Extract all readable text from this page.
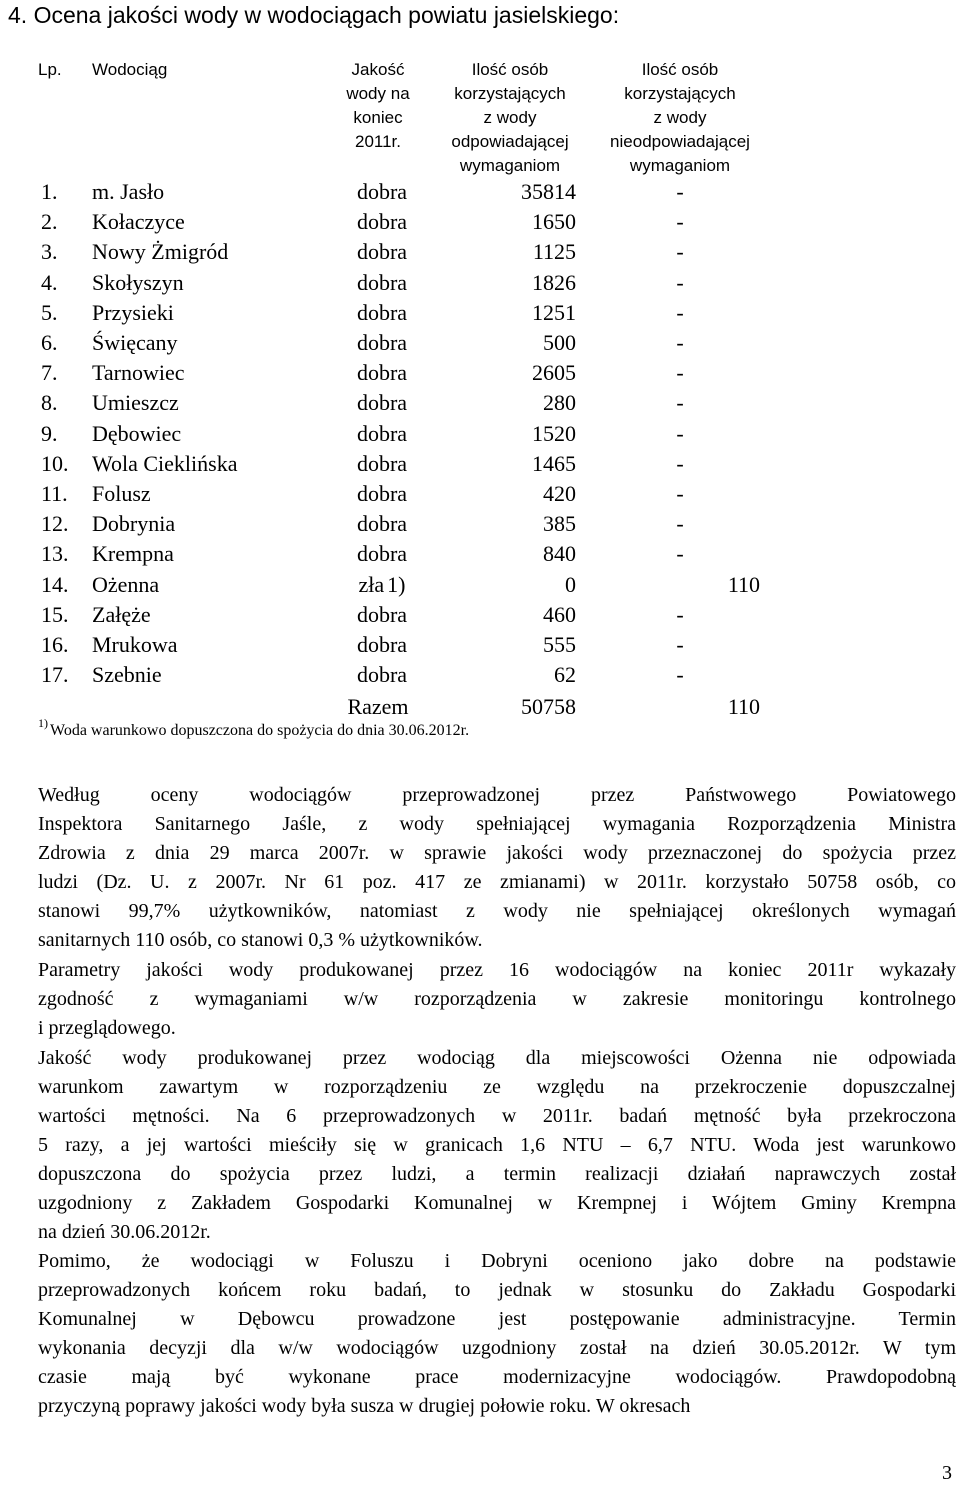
4. Ocena jakości wody w wodociągach powiatu jasielskiego:
Lp.	Wodociąg	Jakość
wody na
koniec
2011r.
Ilość osób
korzystających
z wody
odpowiadającej
wymaganiom
Ilość osób
korzystających
z wody
nieodpowiadającej
wymaganiom
1. m. Jasło	dobra	35814	-
2. Kołaczyce	dobra	1650	-
3. Nowy Żmigród	dobra	1125	-
4. Skołyszyn	dobra	1826	-
5. Przysieki	dobra	1251	-
6. Święcany	dobra	500	-
7. Tarnowiec	dobra	2605	-
8. Umieszcz	dobra	280	-
9. Dębowiec	dobra	1520	-
10. Wola Cieklińska	dobra	1465	-
11. Folusz	dobra	420	-
12. Dobrynia	dobra	385	-
13. Krempna	dobra	840	-
14. Ożenna	zła 1)	0	110
15. Załęże	dobra	460	-
16. Mrukowa	dobra	555	-
17. Szebnie	dobra	62	-
Razem	50758	110
$^{1)}$ Woda warunkowo dopuszczona do spożycia do dnia 30.06.2012r.
Według oceny wodociągów przeprowadzonej przez Państwowego Powiatowego
Inspektora Sanitarnego Jaśle, z wody spełniającej wymagania Rozporządzenia Ministra
Zdrowia z dnia 29 marca 2007r. w sprawie jakości wody przeznaczonej do spożycia przez
ludzi (Dz. U. z 2007r. Nr 61 poz. 417 ze zmianami) w 2011r. korzystało 50758 osób, co
stanowi 99,7% użytkowników, natomiast z wody nie spełniającej określonych wymagań
sanitarnych 110 osób, co stanowi 0,3 % użytkowników.
Parametry jakości wody produkowanej przez 16 wodociągów na koniec 2011r wykazały
zgodność z wymaganiami w/w rozporządzenia w zakresie monitoringu kontrolnego
i przeglądowego.
Jakość wody produkowanej przez wodociąg dla miejscowości Ożenna nie odpowiada
warunkom zawartym w rozporządzeniu ze względu na przekroczenie dopuszczalnej
wartości mętności. Na 6 przeprowadzonych w 2011r. badań mętność była przekroczona
5 razy, a jej wartości mieściły się w granicach 1,6 NTU – 6,7 NTU. Woda jest warunkowo
dopuszczona do spożycia przez ludzi, a termin realizacji działań naprawczych został
uzgodniony z Zakładem Gospodarki Komunalnej w Krempnej i Wójtem Gminy Krempna
na dzień 30.06.2012r.
Pomimo, że wodociągi w Foluszu i Dobryni oceniono jako dobre na podstawie
przeprowadzonych końcem roku badań, to jednak w stosunku do Zakładu Gospodarki
Komunalnej w Dębowcu prowadzone jest postępowanie administracyjne. Termin
wykonania decyzji dla w/w wodociągów uzgodniony został na dzień 30.05.2012r. W tym
czasie mają być wykonane prace modernizacyjne wodociągów. Prawdopodobną
przyczyną poprawy jakości wody była susza w drugiej połowie roku. W okresach
3
